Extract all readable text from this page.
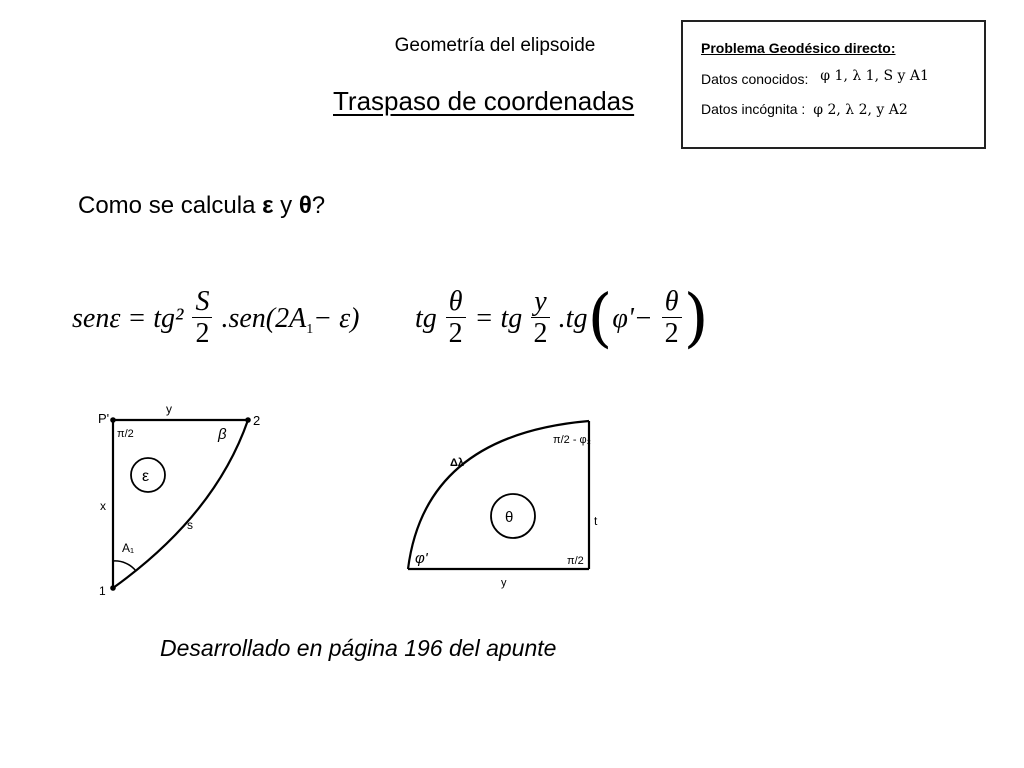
Geometría del elipsoide
Traspaso de coordenadas
Problema Geodésico directo:
Datos conocidos: φ 1, λ 1, S y A1
Datos incógnita : φ 2, λ 2, y A2
Como se calcula ε y θ?
$sen\varepsilon = tg^2 \frac{S}{2} .sen(2A_1- \varepsilon)$ tg $\frac{\theta}{2}$ = tg $\frac{y}{2} .tg(\varphi'- \frac{\theta}{2}$ )
P'
y
2
π/2	β
ε
x
s
A₁
1
Δλ
π/2 - φ₂
θ	t
φ'	π/2
y
Desarrollado en página 196 del apunte
